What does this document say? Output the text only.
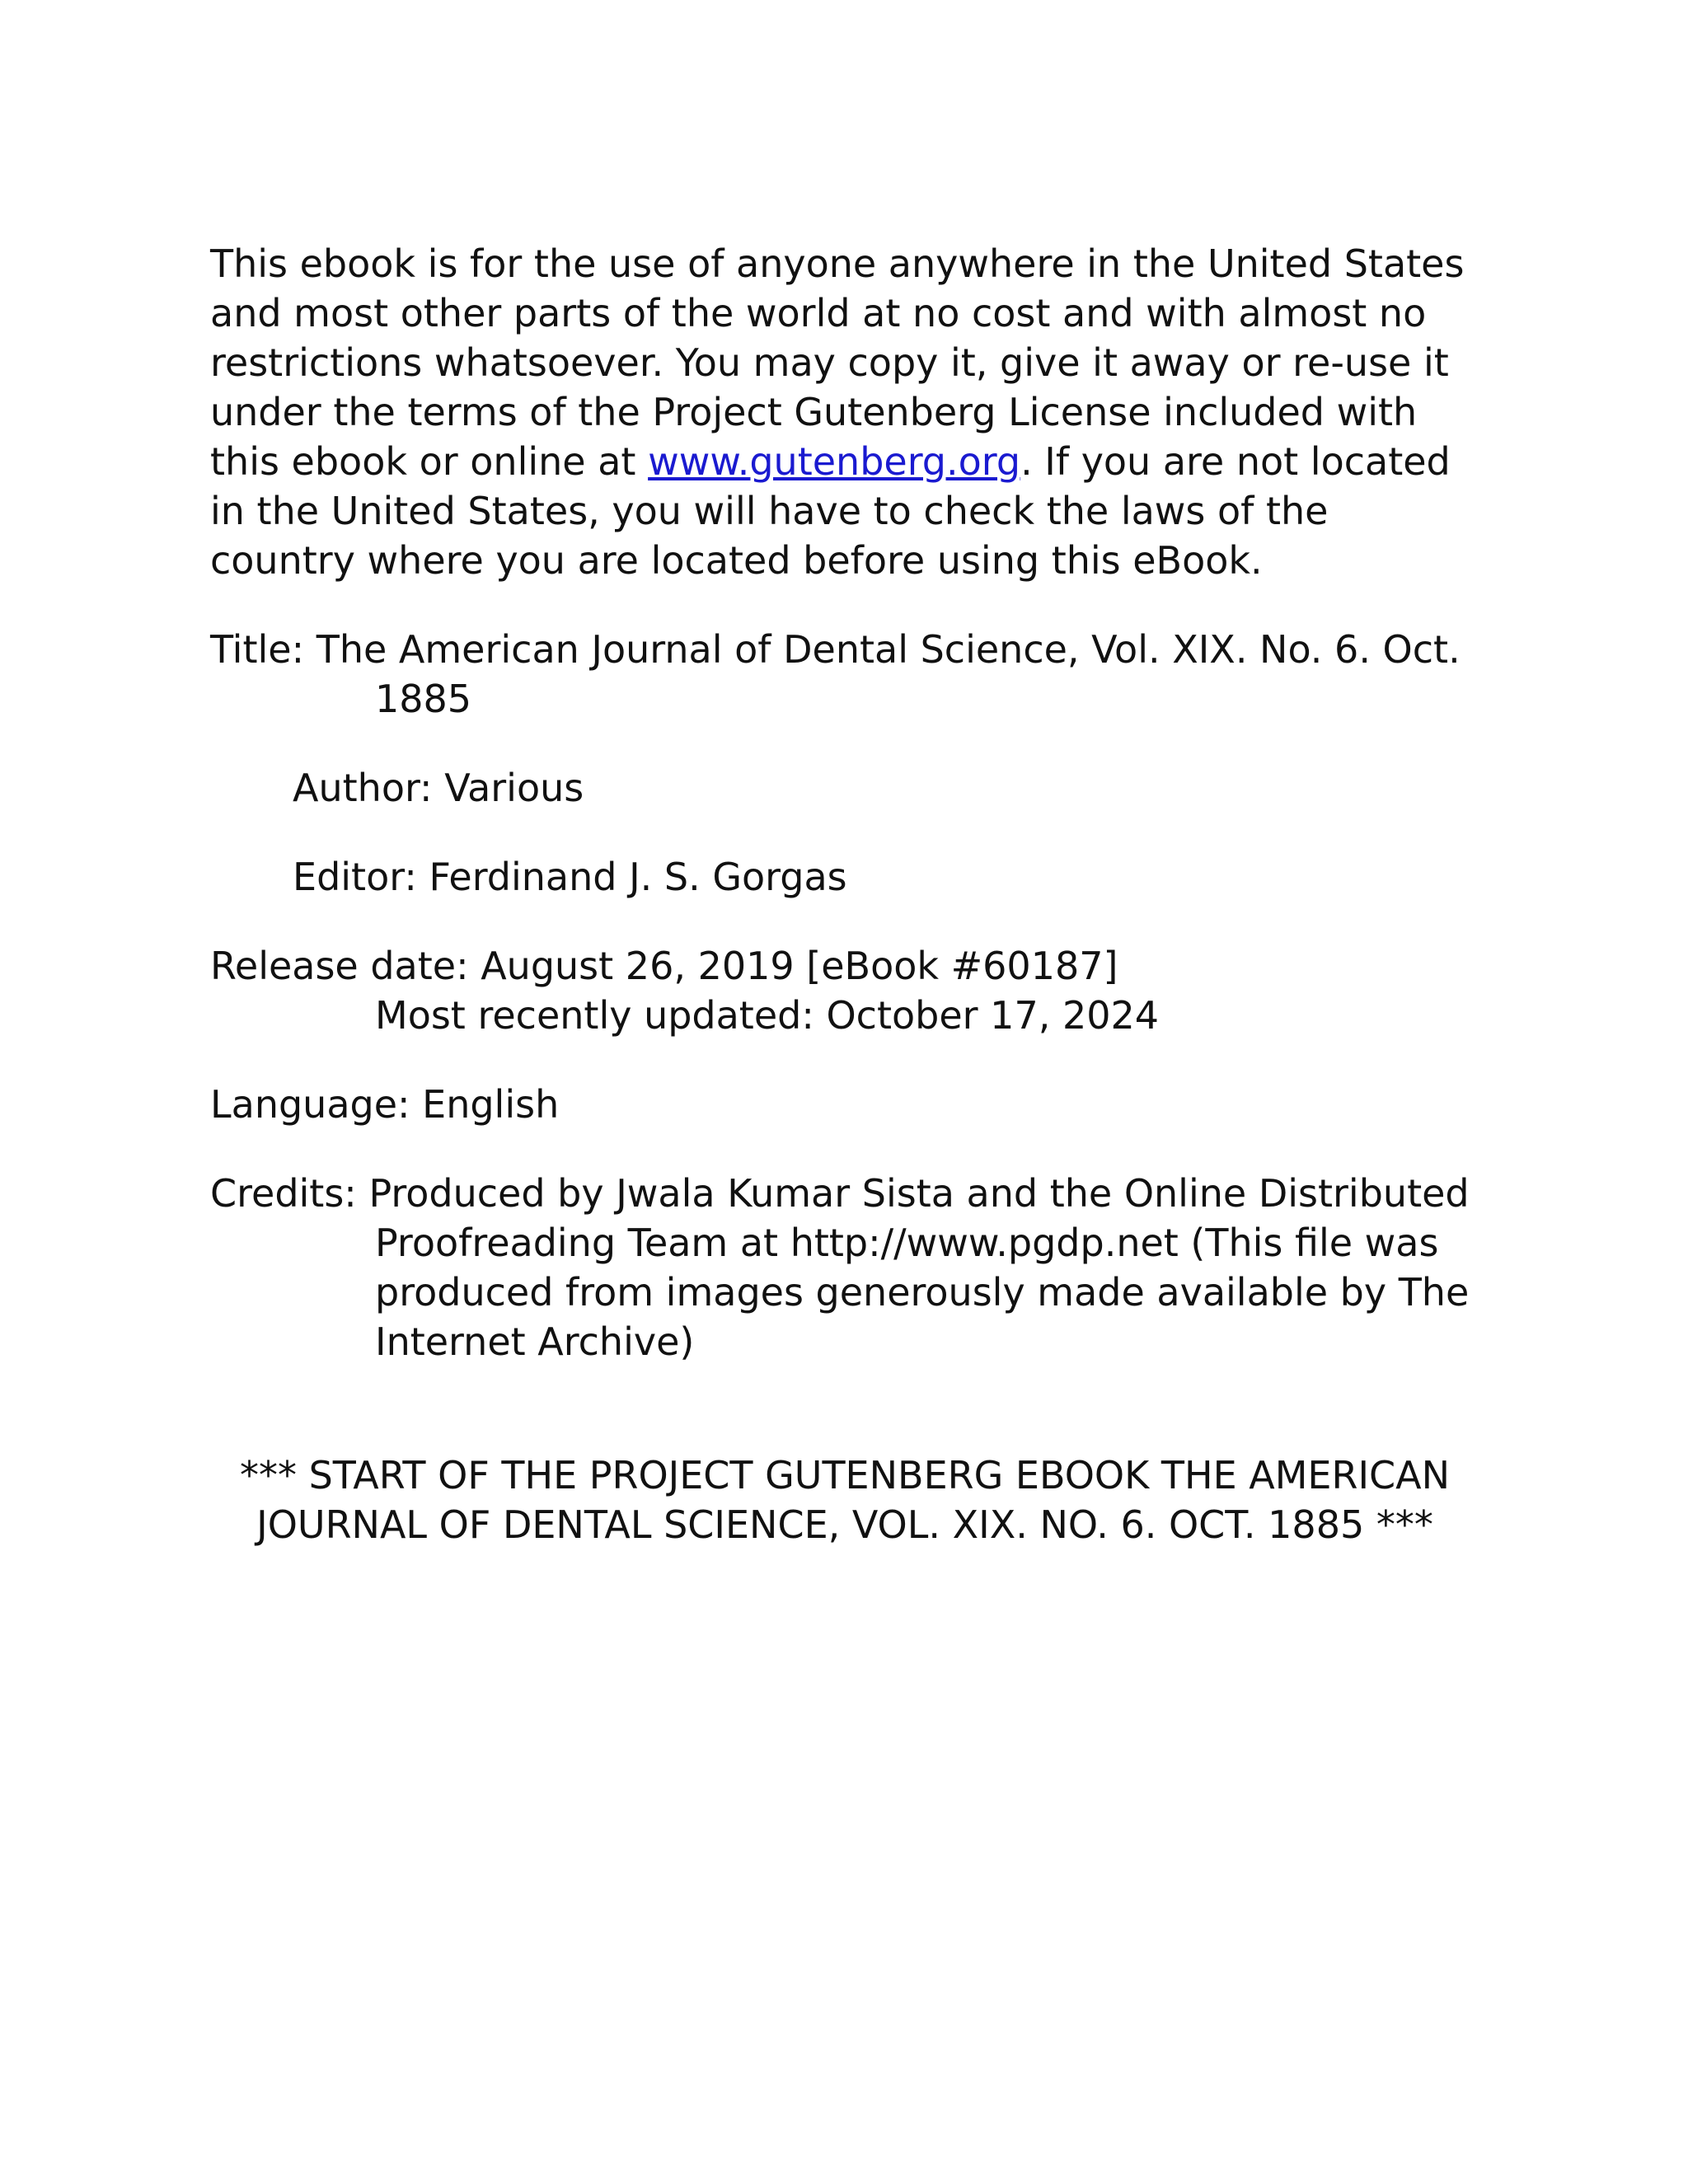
This ebook is for the use of anyone anywhere in the United States and most other parts of the world at no cost and with almost no restrictions whatsoever. You may copy it, give it away or re-use it under the terms of the Project Gutenberg License included with this ebook or online at www.gutenberg.org. If you are not located in the United States, you will have to check the laws of the country where you are located before using this eBook.

Title: The American Journal of Dental Science, Vol. XIX. No. 6. Oct. 1885
Author: Various
Editor: Ferdinand J. S. Gorgas
Release date: August 26, 2019 [eBook #60187]
Most recently updated: October 17, 2024
Language: English
Credits: Produced by Jwala Kumar Sista and the Online Distributed Proofreading Team at http://www.pgdp.net (This file was produced from images generously made available by The Internet Archive)
*** START OF THE PROJECT GUTENBERG EBOOK THE AMERICAN
JOURNAL OF DENTAL SCIENCE, VOL. XIX. NO. 6. OCT. 1885 ***
